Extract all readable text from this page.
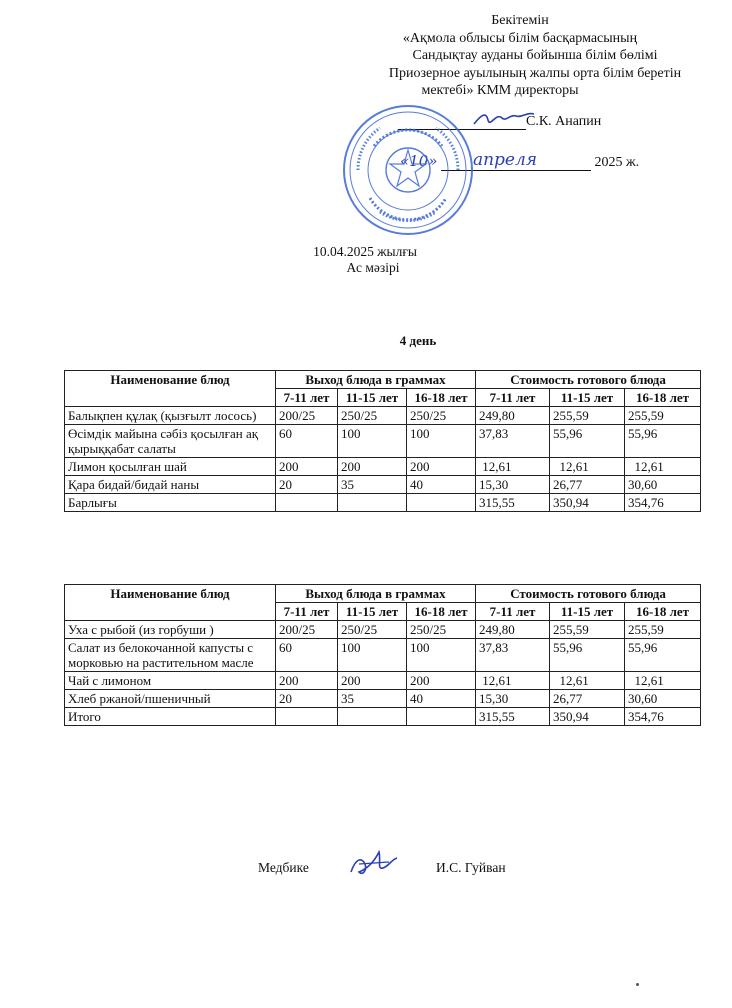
Бекітемін
«Ақмола облысы білім басқармасының
Сандықтау ауданы бойынша білім бөлімі
Приозерное ауылының жалпы орта білім беретін
мектебі» КММ директоры
С.К. Анапин
«10» апреля	2025 ж.
10.04.2025 жылғы
Ас мәзірі
4 день
Наименование блюд	Выход блюда в граммах			Стоимость готового блюда		
	7-11 лет	11-15 лет	16-18 лет	7-11 лет	11-15 лет	16-18 лет
Балықпен құлақ (қызғылт лосось)	200/25	250/25	250/25	249,80	255,59	255,59
Өсімдік майына сәбіз қосылған ақ қырыққабат салаты	60	100	100	37,83	55,96	55,96
Лимон қосылған шай	200	200	200	12,61	12,61	12,61
Қара бидай/бидай наны	20	35	40	15,30	26,77	30,60
Барлығы				315,55	350,94	354,76
Наименование блюд	Выход блюда в граммах			Стоимость готового блюда		
	7-11 лет	11-15 лет	16-18 лет	7-11 лет	11-15 лет	16-18 лет
Уха с рыбой (из горбуши )	200/25	250/25	250/25	249,80	255,59	255,59
Салат из белокочанной капусты с морковью на растительном масле	60	100	100	37,83	55,96	55,96
Чай с лимоном	200	200	200	12,61	12,61	12,61
Хлеб ржаной/пшеничный	20	35	40	15,30	26,77	30,60
Итого				315,55	350,94	354,76
Медбике	И.С. Гуйван
